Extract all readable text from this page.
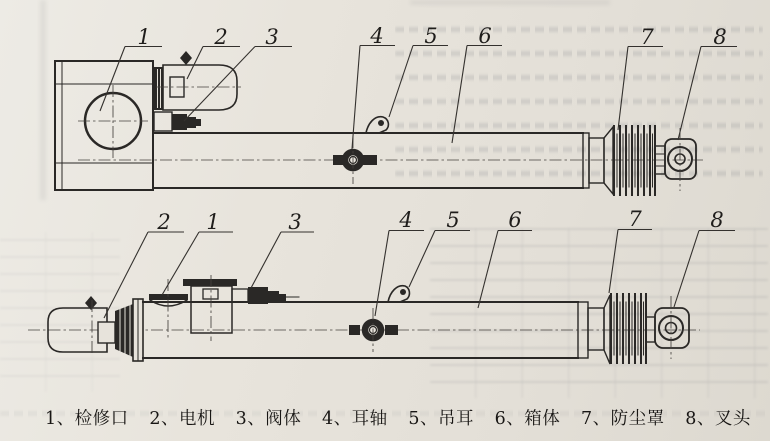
1	2 3	4 5 6	7	8
2 1	3	4 5 6	7	8
1、检修口 2、电机 3、阀体 4、耳轴 5、吊耳 6、箱体 7、防尘罩 8、叉头
